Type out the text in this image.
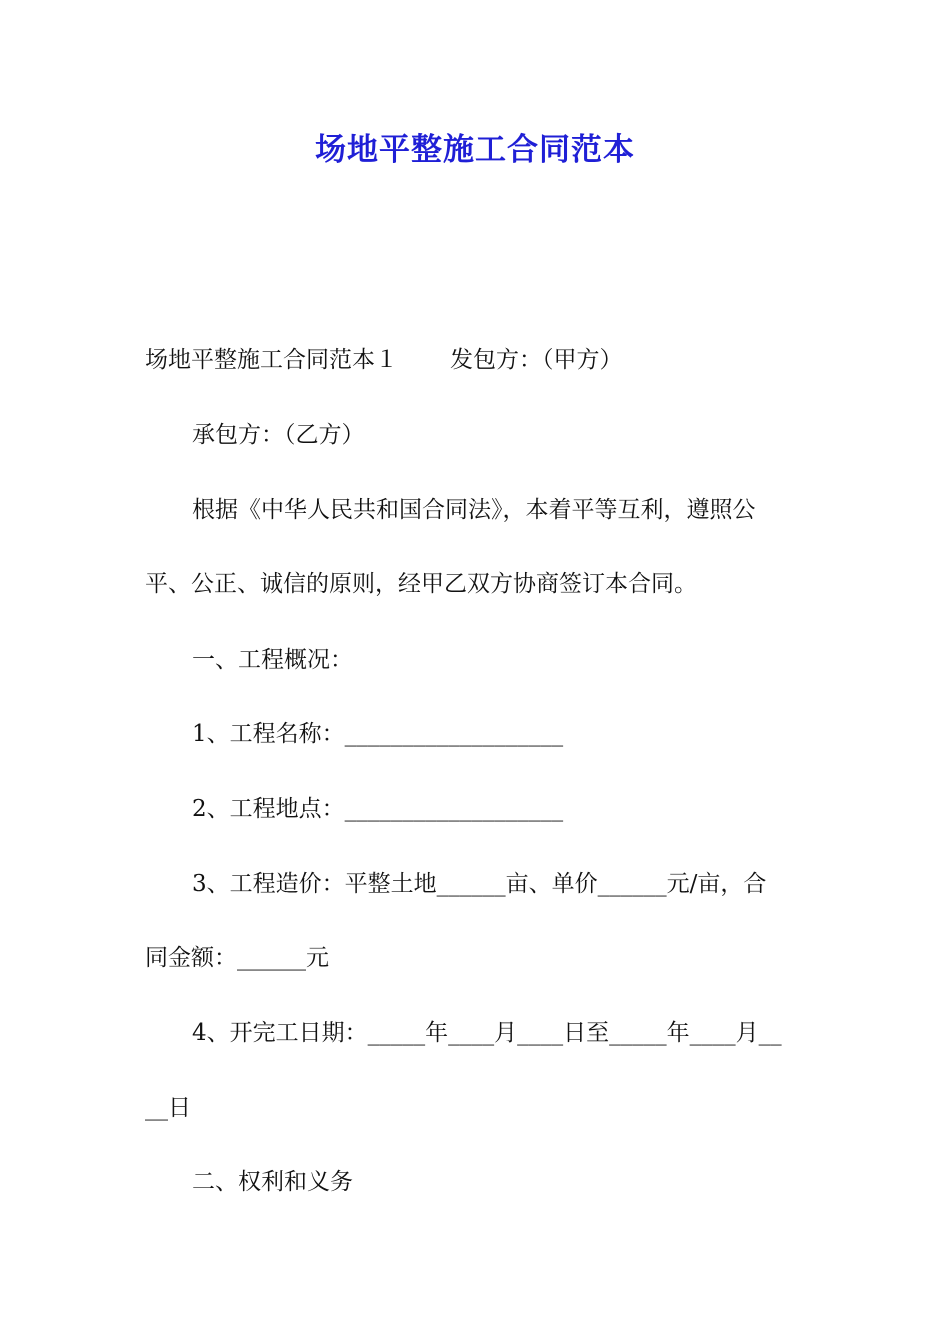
场地平整施工合同范本
场地平整施工合同范本１ 发包方：（甲方）
承包方：（乙方）
根据《中华人民共和国合同法》，本着平等互利，遵照公
平、公正、诚信的原则，经甲乙双方协商签订本合同。
一、工程概况：
1、工程名称：___________________
2、工程地点：___________________
3、工程造价：平整土地______亩、单价______元/亩，合
同金额：______元
4、开完工日期：_____年____月____日至_____年____月__
__日
二、权利和义务
